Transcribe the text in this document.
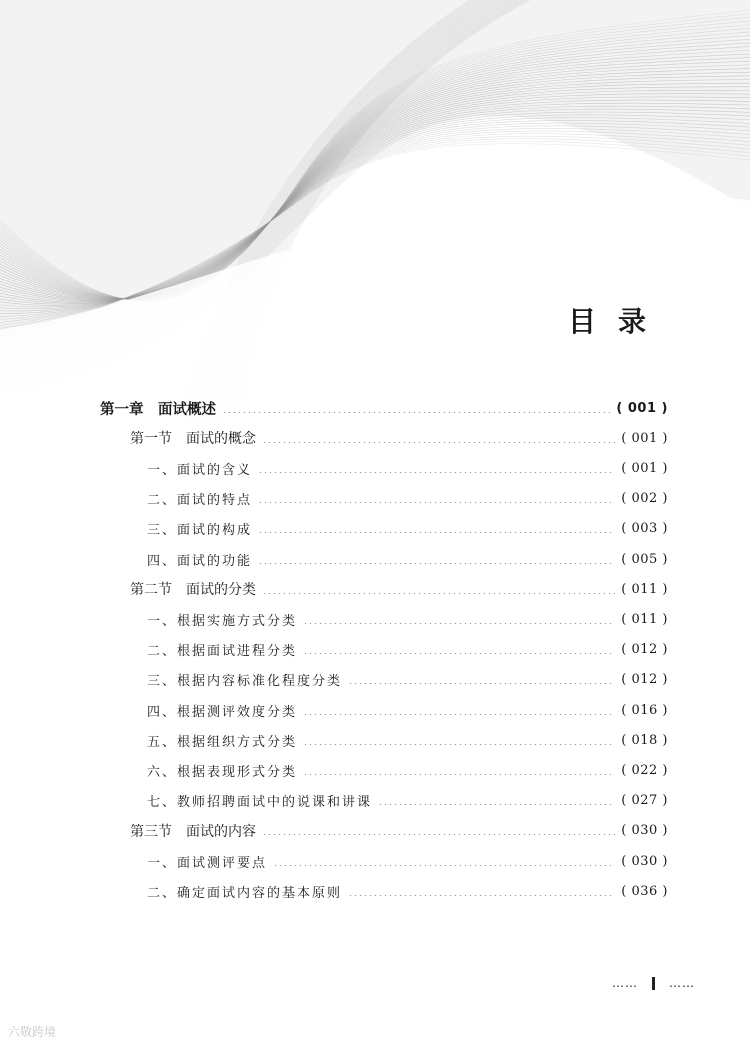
目录
第一章　面试概述	( 001 )
第一节　面试的概念	( 001 )
一、面试的含义	( 001 )
二、面试的特点	( 002 )
三、面试的构成	( 003 )
四、面试的功能	( 005 )
第二节　面试的分类	( 011 )
一、根据实施方式分类	( 011 )
二、根据面试进程分类	( 012 )
三、根据内容标准化程度分类	( 012 )
四、根据测评效度分类	( 016 )
五、根据组织方式分类	( 018 )
六、根据表现形式分类	( 022 )
七、教师招聘面试中的说课和讲课	( 027 )
第三节　面试的内容	( 030 )
一、面试测评要点	( 030 )
二、确定面试内容的基本原则	( 036 )
……	……
六敬跨境
